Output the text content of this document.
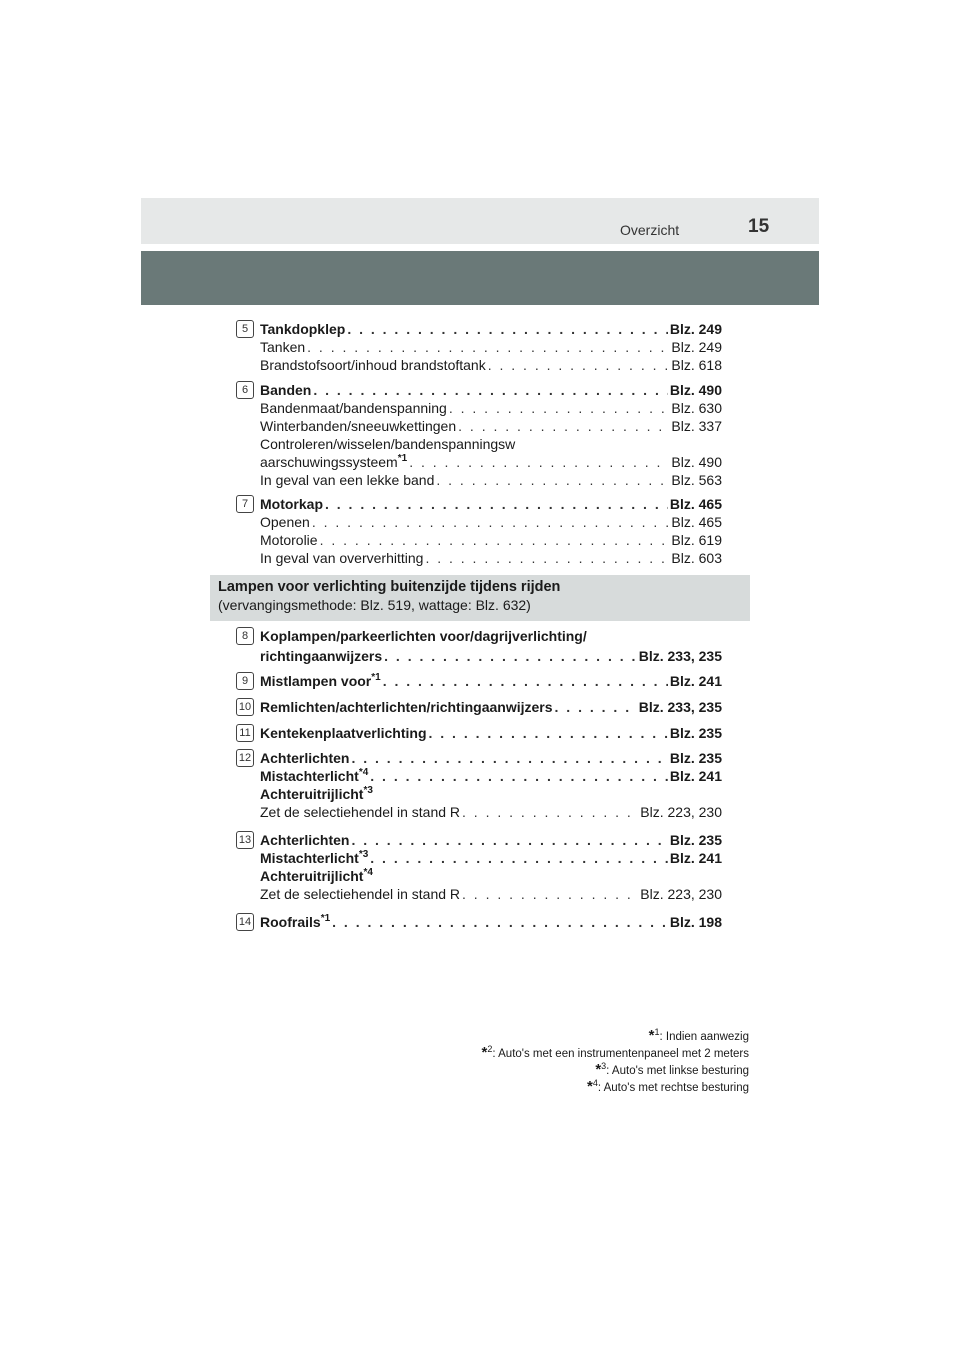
Overzicht	15
5 Tankdopklep . . .	Blz. 249
Tanken . . .	Blz. 249
Brandstofsoort/inhoud brandstoftank . . .	Blz. 618
6 Banden . . .	Blz. 490
Bandenmaat/bandenspanning . . .	Blz. 630
Winterbanden/sneeuwkettingen . . .	Blz. 337
Controleren/wisselen/bandenspanningsw
aarschuwingssysteem$^{*1}$ . . .	Blz. 490
In geval van een lekke band . . .	Blz. 563
7 Motorkap . . .	Blz. 465
Openen . . .	Blz. 465
Motorolie . . .	Blz. 619
In geval van oververhitting . . .	Blz. 603
Lampen voor verlichting buitenzijde tijdens rijden
(vervangingsmethode: Blz. 519, wattage: Blz. 632)
8 Koplampen/parkeerlichten voor/dagrijverlichting/
richtingaanwijzers . . .	Blz. 233, 235
9 Mistlampen voor$^{*1}$ . . .	Blz. 241
10 Remlichten/achterlichten/richtingaanwijzers . . .	Blz. 233, 235
11 Kentekenplaatverlichting . . .	Blz. 235
12 Achterlichten . . .	Blz. 235
Mistachterlicht$^{*4}$ . . .	Blz. 241
Achteruitrijlicht$^{*3}$
Zet de selectiehendel in stand R . . .	Blz. 223, 230
13 Achterlichten . . .	Blz. 235
Mistachterlicht$^{*3}$ . . .	Blz. 241
Achteruitrijlicht$^{*4}$
Zet de selectiehendel in stand R . . .	Blz. 223, 230
14 Roofrails$^{*1}$ . . .	Blz. 198
*$^1$: Indien aanwezig
*$^2$: Auto's met een instrumentenpaneel met 2 meters
*$^3$: Auto's met linkse besturing
*$^4$: Auto's met rechtse besturing
